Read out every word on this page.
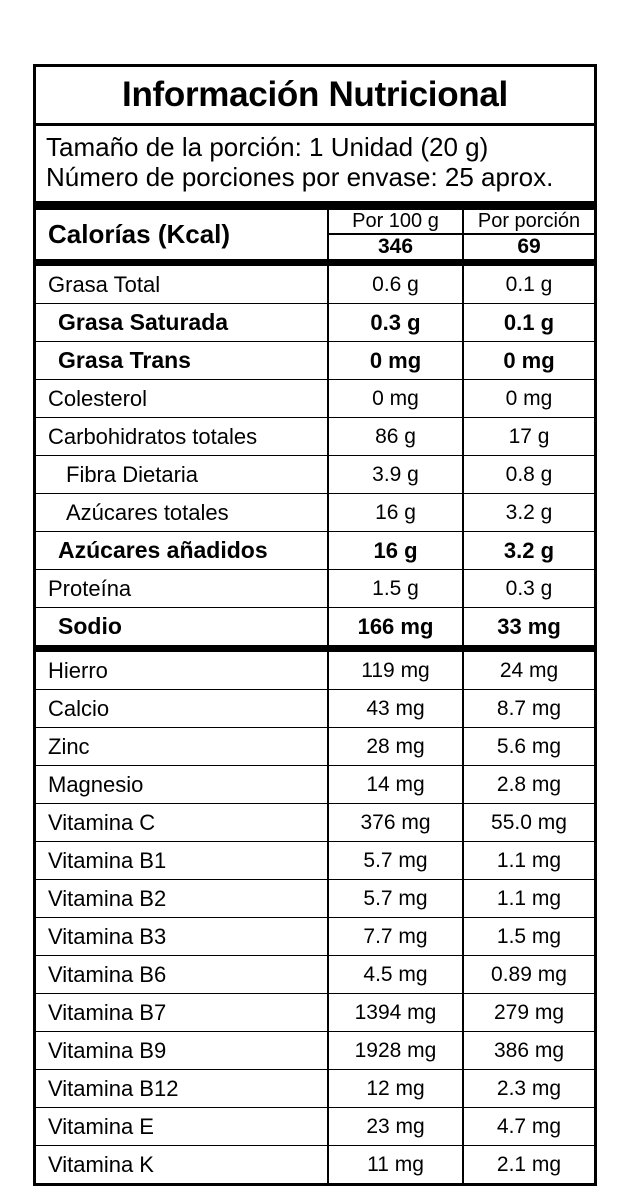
Información Nutricional
Tamaño de la porción: 1 Unidad (20 g)
Número de porciones por envase: 25 aprox.
Calorías (Kcal)	Por 100 g	Por porción
	346	69

Grasa Total	0.6 g	0.1 g
Grasa Saturada	0.3 g	0.1 g
Grasa Trans	0 mg	0 mg
Colesterol	0 mg	0 mg
Carbohidratos totales	86 g	17 g
Fibra Dietaria	3.9 g	0.8 g
Azúcares totales	16 g	3.2 g
Azúcares añadidos	16 g	3.2 g
Proteína	1.5 g	0.3 g
Sodio	166 mg	33 mg

Hierro	119 mg	24 mg
Calcio	43 mg	8.7 mg
Zinc	28 mg	5.6 mg
Magnesio	14 mg	2.8 mg
Vitamina C	376 mg	55.0 mg
Vitamina B1	5.7 mg	1.1 mg
Vitamina B2	5.7 mg	1.1 mg
Vitamina B3	7.7 mg	1.5 mg
Vitamina B6	4.5 mg	0.89 mg
Vitamina B7	1394 mg	279 mg
Vitamina B9	1928 mg	386 mg
Vitamina B12	12 mg	2.3 mg
Vitamina E	23 mg	4.7 mg
Vitamina K	11 mg	2.1 mg
